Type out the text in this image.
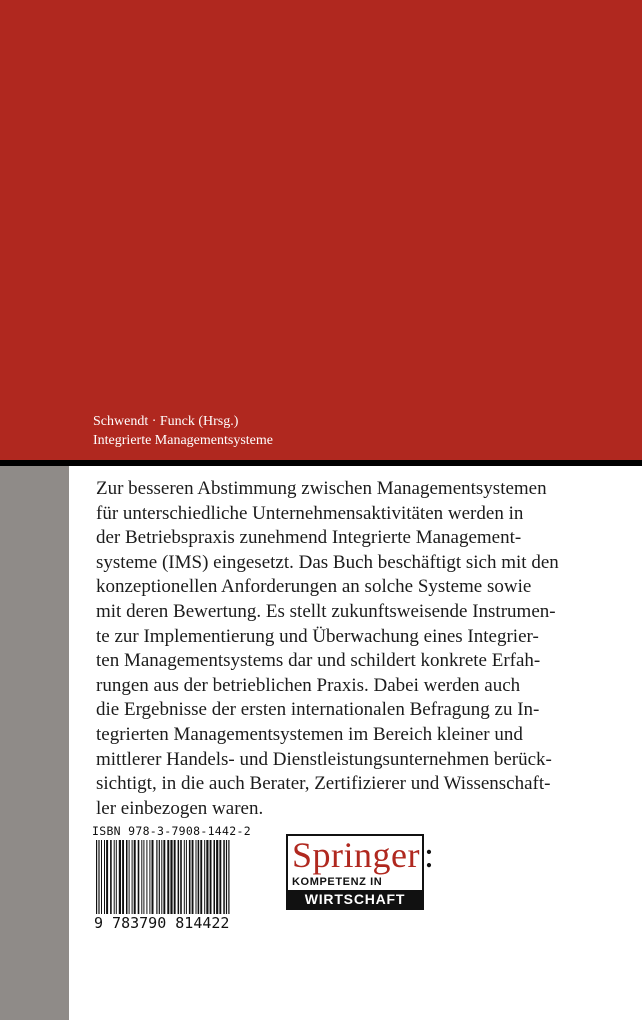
Schwendt · Funck (Hrsg.)
Integrierte Managementsysteme
Zur besseren Abstimmung zwischen Managementsystemen
für unterschiedliche Unternehmensaktivitäten werden in
der Betriebspraxis zunehmend Integrierte Management-
systeme (IMS) eingesetzt. Das Buch beschäftigt sich mit den
konzeptionellen Anforderungen an solche Systeme sowie
mit deren Bewertung. Es stellt zukunftsweisende Instrumen-
te zur Implementierung und Überwachung eines Integrier-
ten Managementsystems dar und schildert konkrete Erfah-
rungen aus der betrieblichen Praxis. Dabei werden auch
die Ergebnisse der ersten internationalen Befragung zu In-
tegrierten Managementsystemen im Bereich kleiner und
mittlerer Handels- und Dienstleistungsunternehmen berück-
sichtigt, in die auch Berater, Zertifizierer und Wissenschaft-
ler einbezogen waren.
ISBN 978-3-7908-1442-2
9 783790 814422
Springer
KOMPETENZ IN
WIRTSCHAFT
:
